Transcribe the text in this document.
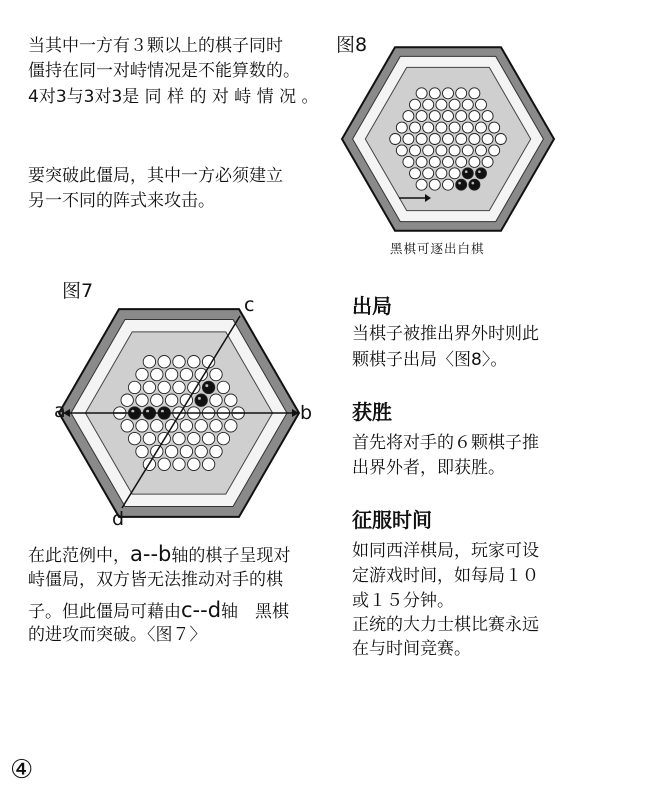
当其中一方有３颗以上的棋子同时
僵持在同一对峙情况是不能算数的。
4对3与3对3是 同 样 的 对 峙 情 况 。
要突破此僵局，其中一方必须建立
另一不同的阵式来攻击。
图8
黑棋可逐出白棋
图7
c
a	b
d
在此范例中，a--b轴的棋子呈现对
峙僵局，双方皆无法推动对手的棋
子。但此僵局可藉由c--d轴　黑棋
的进攻而突破。〈图７〉
出局
当棋子被推出界外时则此
颗棋子出局〈图8〉。
获胜
首先将对手的６颗棋子推
出界外者，即获胜。
征服时间
如同西洋棋局，玩家可设
定游戏时间，如每局１０
或１５分钟。
正统的大力士棋比赛永远
在与时间竞赛。
④
